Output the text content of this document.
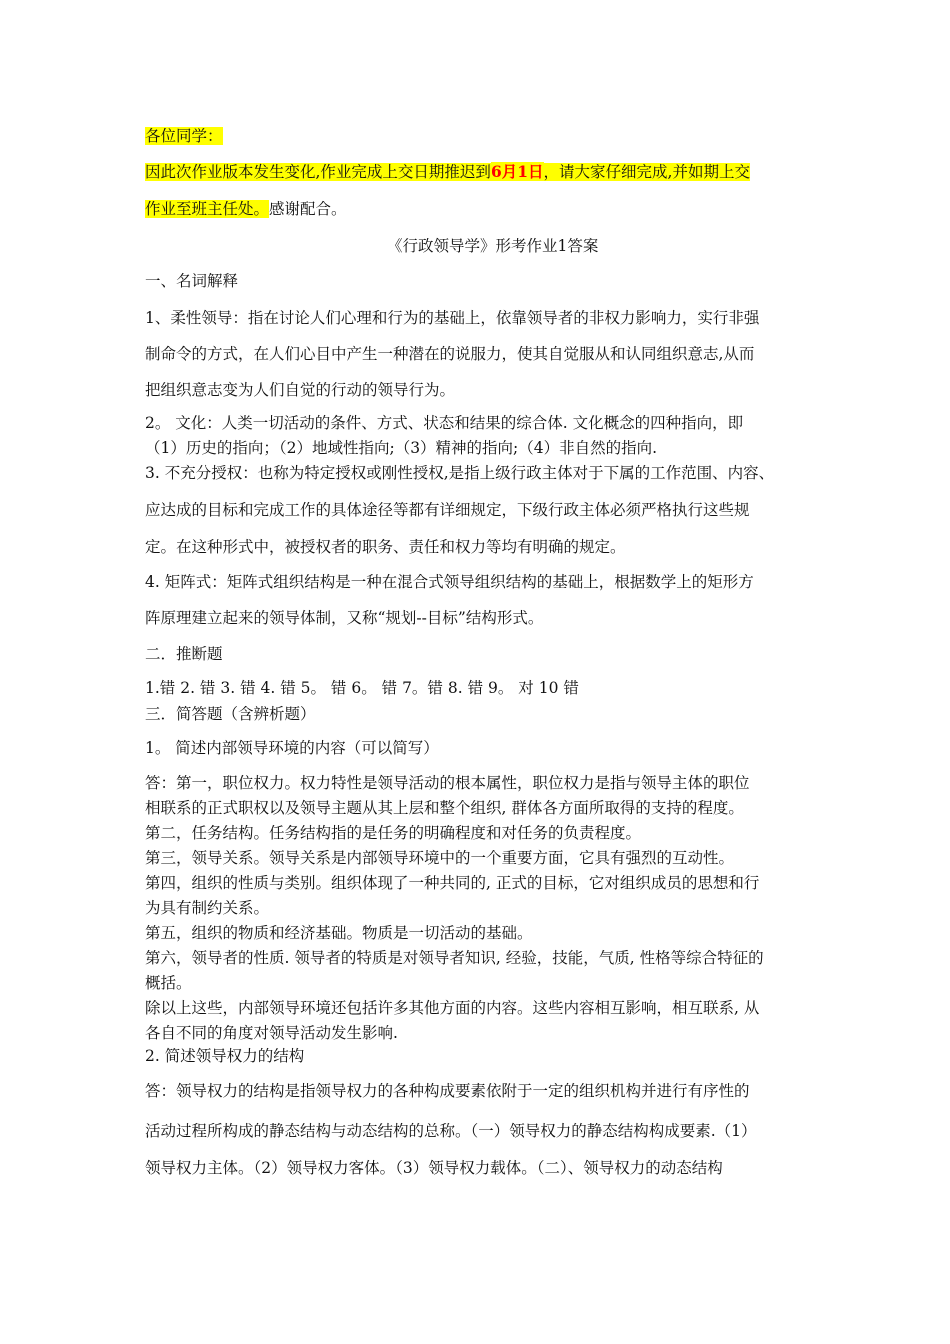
各位同学：
因此次作业版本发生变化,作业完成上交日期推迟到6月1日，请大家仔细完成,并如期上交
作业至班主任处。感谢配合。
《行政领导学》形考作业1答案
一、名词解释
1、柔性领导：指在讨论人们心理和行为的基础上，依靠领导者的非权力影响力，实行非强
制命令的方式，在人们心目中产生一种潜在的说服力，使其自觉服从和认同组织意志,从而
把组织意志变为人们自觉的行动的领导行为。
2。 文化：人类一切活动的条件、方式、状态和结果的综合体. 文化概念的四种指向，即
（1）历史的指向；（2）地域性指向;（3）精神的指向;（4）非自然的指向.
3. 不充分授权：也称为特定授权或刚性授权,是指上级行政主体对于下属的工作范围、内容、
应达成的目标和完成工作的具体途径等都有详细规定，下级行政主体必须严格执行这些规
定。在这种形式中，被授权者的职务、责任和权力等均有明确的规定。
4. 矩阵式：矩阵式组织结构是一种在混合式领导组织结构的基础上，根据数学上的矩形方
阵原理建立起来的领导体制，又称“规划--目标”结构形式。
二．推断题
1.错 2. 错 3. 错 4. 错 5。 错 6。 错 7。错 8. 错 9。 对 10 错
三．简答题（含辨析题）
1。 简述内部领导环境的内容（可以简写）
答：第一，职位权力。权力特性是领导活动的根本属性，职位权力是指与领导主体的职位
相联系的正式职权以及领导主题从其上层和整个组织, 群体各方面所取得的支持的程度。
第二，任务结构。任务结构指的是任务的明确程度和对任务的负责程度。
第三，领导关系。领导关系是内部领导环境中的一个重要方面，它具有强烈的互动性。
第四，组织的性质与类别。组织体现了一种共同的, 正式的目标，它对组织成员的思想和行
为具有制约关系。
第五，组织的物质和经济基础。物质是一切活动的基础。
第六，领导者的性质. 领导者的特质是对领导者知识, 经验，技能，气质, 性格等综合特征的
概括。
除以上这些，内部领导环境还包括许多其他方面的内容。这些内容相互影响，相互联系, 从
各自不同的角度对领导活动发生影响.
2. 简述领导权力的结构
答：领导权力的结构是指领导权力的各种构成要素依附于一定的组织机构并进行有序性的
活动过程所构成的静态结构与动态结构的总称。（一）领导权力的静态结构构成要素.（1）
领导权力主体。（2）领导权力客体。（3）领导权力载体。（二）、领导权力的动态结构
